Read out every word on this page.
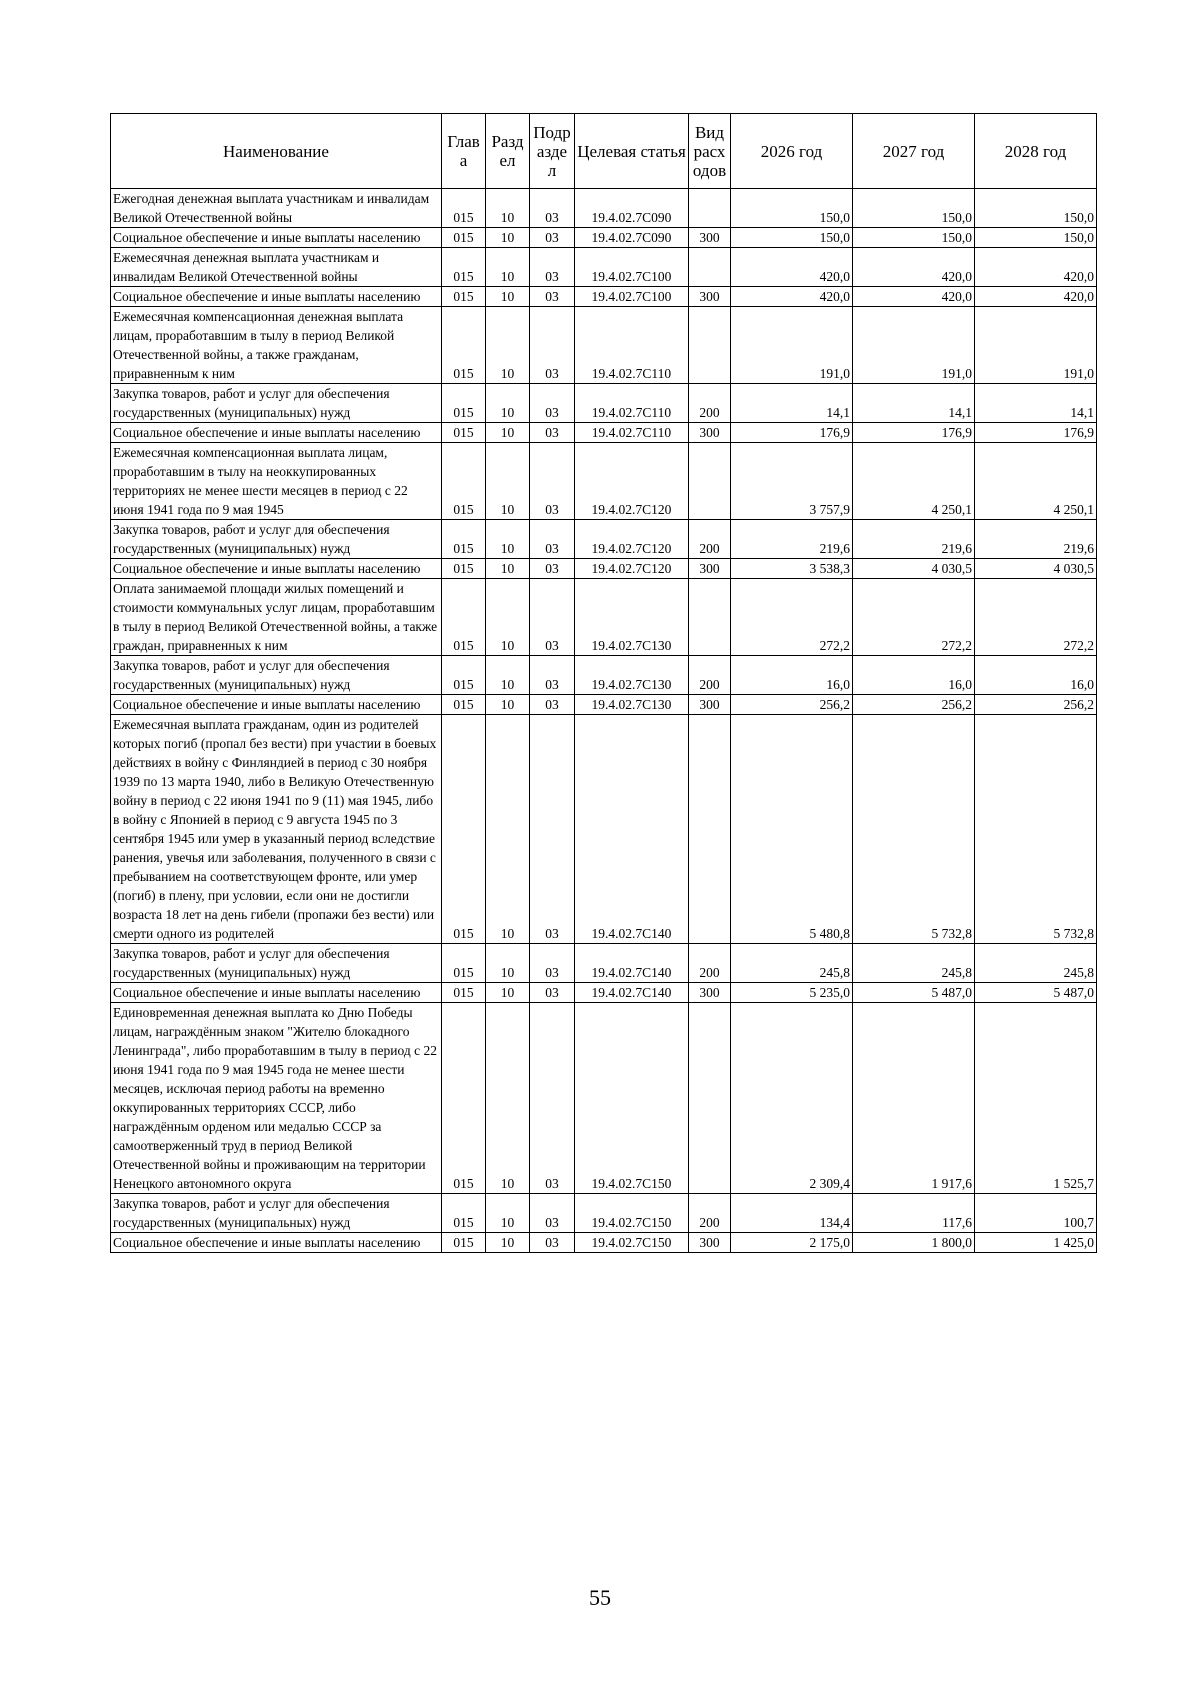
Наименование	Глав а	Разд ел	Подр азде л	Целевая статья	Вид расх одов	2026 год	2027 год	2028 год
Ежегодная денежная выплата участникам и инвалидам Великой Отечественной войны	015	10	03	19.4.02.7C090		150,0	150,0	150,0
Социальное обеспечение и иные выплаты населению	015	10	03	19.4.02.7C090	300	150,0	150,0	150,0
Ежемесячная денежная выплата участникам и инвалидам Великой Отечественной войны	015	10	03	19.4.02.7C100		420,0	420,0	420,0
Социальное обеспечение и иные выплаты населению	015	10	03	19.4.02.7C100	300	420,0	420,0	420,0
Ежемесячная компенсационная денежная выплата лицам, проработавшим в тылу в период Великой Отечественной войны, а также гражданам, приравненным к ним	015	10	03	19.4.02.7C110		191,0	191,0	191,0
Закупка товаров, работ и услуг для обеспечения государственных (муниципальных) нужд	015	10	03	19.4.02.7C110	200	14,1	14,1	14,1
Социальное обеспечение и иные выплаты населению	015	10	03	19.4.02.7C110	300	176,9	176,9	176,9
Ежемесячная компенсационная выплата лицам, проработавшим в тылу на неоккупированных территориях не менее шести месяцев в период с 22 июня 1941 года по 9 мая 1945	015	10	03	19.4.02.7C120		3 757,9	4 250,1	4 250,1
Закупка товаров, работ и услуг для обеспечения государственных (муниципальных) нужд	015	10	03	19.4.02.7C120	200	219,6	219,6	219,6
Социальное обеспечение и иные выплаты населению	015	10	03	19.4.02.7C120	300	3 538,3	4 030,5	4 030,5
Оплата занимаемой площади жилых помещений и стоимости коммунальных услуг лицам, проработавшим в тылу в период Великой Отечественной войны, а также граждан, приравненных к ним	015	10	03	19.4.02.7C130		272,2	272,2	272,2
Закупка товаров, работ и услуг для обеспечения государственных (муниципальных) нужд	015	10	03	19.4.02.7C130	200	16,0	16,0	16,0
Социальное обеспечение и иные выплаты населению	015	10	03	19.4.02.7C130	300	256,2	256,2	256,2
Ежемесячная выплата гражданам, один из родителей которых погиб (пропал без вести) при участии в боевых действиях в войну с Финляндией в период с 30 ноября 1939 по 13 марта 1940, либо в Великую Отечественную войну в период с 22 июня 1941 по 9 (11) мая 1945, либо в войну с Японией в период с 9 августа 1945 по 3 сентября 1945 или умер в указанный период вследствие ранения, увечья или заболевания, полученного в связи с пребыванием на соответствующем фронте, или умер (погиб) в плену, при условии, если они не достигли возраста 18 лет на день гибели (пропажи без вести) или смерти одного из родителей	015	10	03	19.4.02.7C140		5 480,8	5 732,8	5 732,8
Закупка товаров, работ и услуг для обеспечения государственных (муниципальных) нужд	015	10	03	19.4.02.7C140	200	245,8	245,8	245,8
Социальное обеспечение и иные выплаты населению	015	10	03	19.4.02.7C140	300	5 235,0	5 487,0	5 487,0
Единовременная денежная выплата ко Дню Победы лицам, награждённым знаком "Жителю блокадного Ленинграда", либо проработавшим в тылу в период с 22 июня 1941 года по 9 мая 1945 года не менее шести месяцев, исключая период работы на временно оккупированных территориях СССР, либо награждённым орденом или медалью СССР за самоотверженный труд в период Великой Отечественной войны и проживающим на территории Ненецкого автономного округа	015	10	03	19.4.02.7C150		2 309,4	1 917,6	1 525,7
Закупка товаров, работ и услуг для обеспечения государственных (муниципальных) нужд	015	10	03	19.4.02.7C150	200	134,4	117,6	100,7
Социальное обеспечение и иные выплаты населению	015	10	03	19.4.02.7C150	300	2 175,0	1 800,0	1 425,0
55
